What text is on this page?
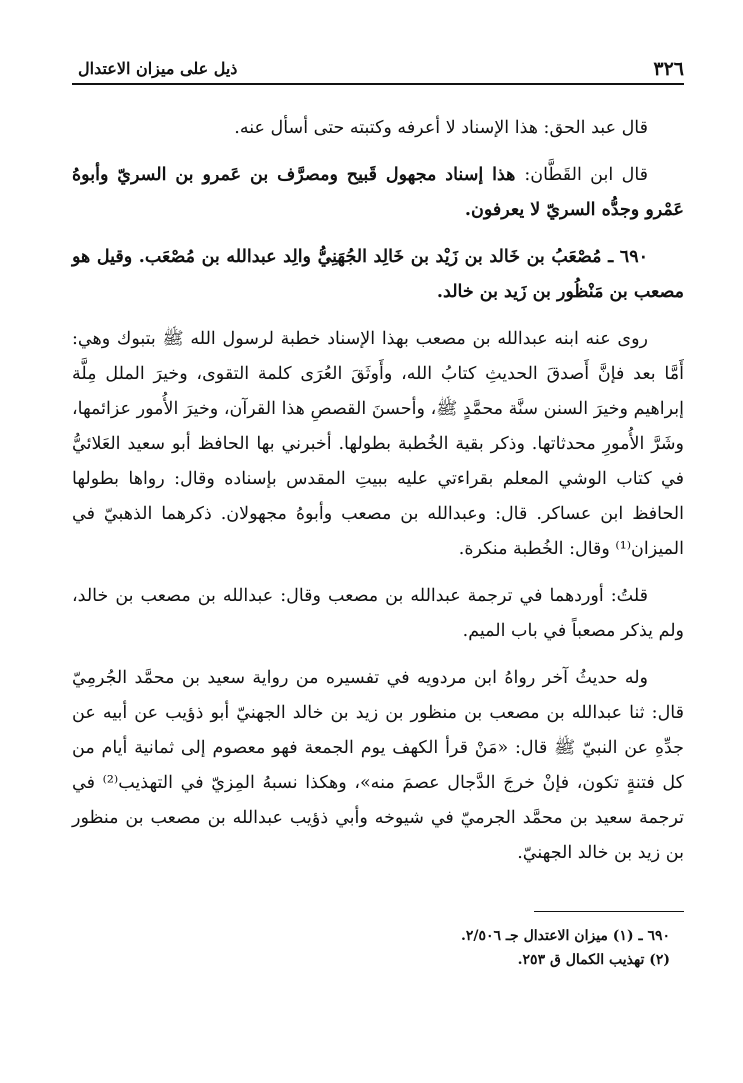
٣٢٦
ذيل على ميزان الاعتدال

قال عبد الحق: هذا الإسناد لا أعرفه وكتبته حتى أسأل عنه.

قال ابن القَطَّان: هذا إسناد مجهول قَبيح ومصرَّف بن عَمرو بن السريّ وأبوهُ عَمْرو وجدُّه السريّ لا يعرفون.

٦٩٠ ـ مُصْعَبُ بن خَالد بن زَيْد بن خَالِد الجُهَنِيُّ والِد عبدالله بن مُصْعَب. وقيل هو مصعب بن مَنْظُور بن زَيد بن خالد.

روى عنه ابنه عبدالله بن مصعب بهذا الإسناد خطبة لرسول الله ﷺ بتبوك وهي: أَمَّا بعد فإنَّ أَصدقَ الحديثِ كتابُ الله، وأَوثَقَ العُرَى كلمة التقوى، وخيرَ الملل مِلَّة إبراهيم وخيرَ السنن سنَّة محمَّدٍ ﷺ، وأحسنَ القصصِ هذا القرآن، وخيرَ الأُمور عزائمها، وشَرَّ الأُمورِ محدثاتها. وذكر بقية الخُطبة بطولها. أخبرني بها الحافظ أبو سعيد العَلائيُّ في كتاب الوشي المعلم بقراءتي عليه ببيتِ المقدس بإسناده وقال: رواها بطولها الحافظ ابن عساكر. قال: وعبدالله بن مصعب وأبوهُ مجهولان. ذكرهما الذهبيّ في الميزان⁽¹⁾ وقال: الخُطبة منكرة.

قلتُ: أوردهما في ترجمة عبدالله بن مصعب وقال: عبدالله بن مصعب بن خالد، ولم يذكر مصعباً في باب الميم.

وله حديثُ آخر رواهُ ابن مردويه في تفسيره من رواية سعيد بن محمَّد الجُرمِيّ قال: ثنا عبدالله بن مصعب بن منظور بن زيد بن خالد الجهنيّ أبو ذؤيب عن أبيه عن جدِّهِ عن النبيّ ﷺ قال: «مَنْ قرأ الكهف يوم الجمعة فهو معصوم إلى ثمانية أيام من كل فتنةٍ تكون، فإنْ خرجَ الدَّجال عصمَ منه»، وهكذا نسبهُ المِزيّ في التهذيب⁽²⁾ في ترجمة سعيد بن محمَّد الجرميّ في شيوخه وأبي ذؤيب عبدالله بن مصعب بن منظور بن زيد بن خالد الجهنيّ.

٦٩٠ ـ (١) ميزان الاعتدال جـ ٢/٥٠٦.
(٢) تهذيب الكمال ق ٢٥٣.
